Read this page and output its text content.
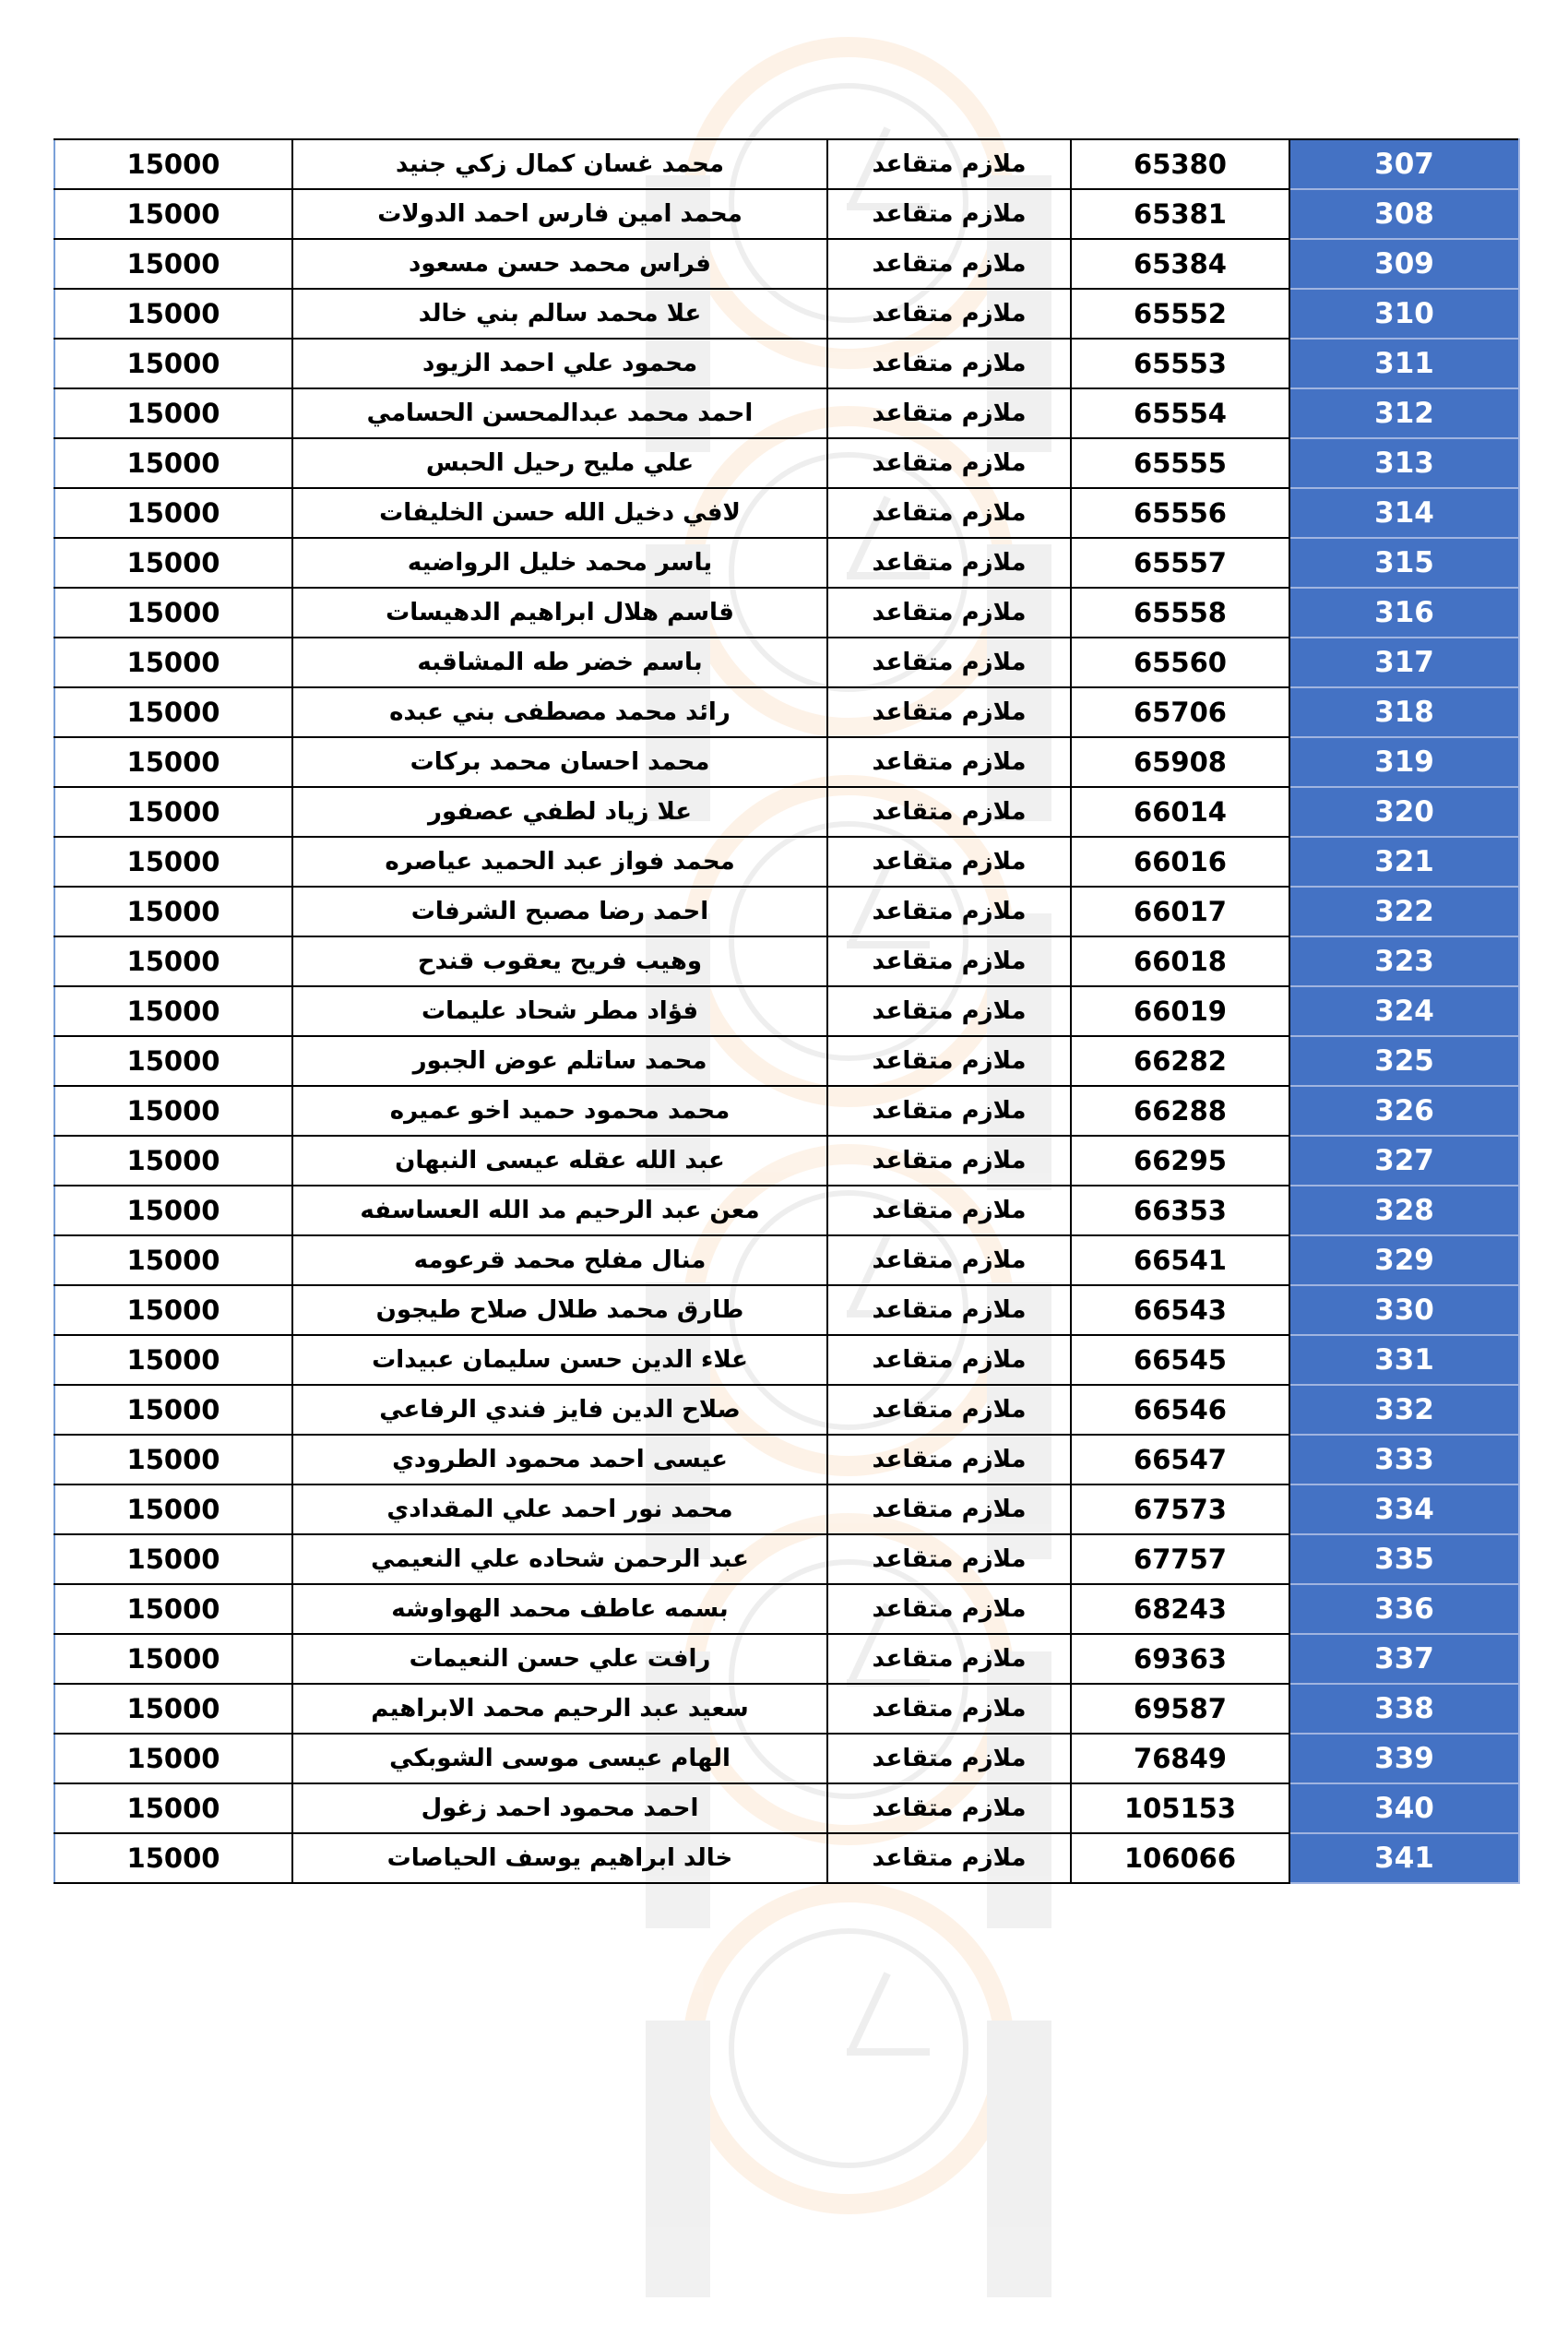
15000	محمد غسان كمال زكي جنيد	ملازم متقاعد	65380	307
15000	محمد امين فارس احمد الدولات	ملازم متقاعد	65381	308
15000	فراس محمد حسن مسعود	ملازم متقاعد	65384	309
15000	علا محمد سالم بني خالد	ملازم متقاعد	65552	310
15000	محمود علي احمد الزيود	ملازم متقاعد	65553	311
15000	احمد محمد عبدالمحسن الحسامي	ملازم متقاعد	65554	312
15000	علي مليح رحيل الحبس	ملازم متقاعد	65555	313
15000	لافي دخيل الله حسن الخليفات	ملازم متقاعد	65556	314
15000	ياسر محمد خليل الرواضيه	ملازم متقاعد	65557	315
15000	قاسم هلال ابراهيم الدهيسات	ملازم متقاعد	65558	316
15000	باسم خضر طه المشاقبه	ملازم متقاعد	65560	317
15000	رائد محمد مصطفى بني عبده	ملازم متقاعد	65706	318
15000	محمد احسان محمد بركات	ملازم متقاعد	65908	319
15000	علا زياد لطفي عصفور	ملازم متقاعد	66014	320
15000	محمد فواز عبد الحميد عياصره	ملازم متقاعد	66016	321
15000	احمد رضا مصبح الشرفات	ملازم متقاعد	66017	322
15000	وهيب فريح يعقوب قندح	ملازم متقاعد	66018	323
15000	فؤاد مطر شحاد عليمات	ملازم متقاعد	66019	324
15000	محمد ساتلم عوض الجبور	ملازم متقاعد	66282	325
15000	محمد محمود حميد اخو عميره	ملازم متقاعد	66288	326
15000	عبد الله عقله عيسى النبهان	ملازم متقاعد	66295	327
15000	معن عبد الرحيم مد الله العساسفه	ملازم متقاعد	66353	328
15000	منال مفلح محمد قرعومه	ملازم متقاعد	66541	329
15000	طارق محمد طلال صلاح طيجون	ملازم متقاعد	66543	330
15000	علاء الدين حسن سليمان عبيدات	ملازم متقاعد	66545	331
15000	صلاح الدين فايز فندي الرفاعي	ملازم متقاعد	66546	332
15000	عيسى احمد محمود الطرودي	ملازم متقاعد	66547	333
15000	محمد نور احمد علي المقدادي	ملازم متقاعد	67573	334
15000	عبد الرحمن شحاده علي النعيمي	ملازم متقاعد	67757	335
15000	بسمه عاطف محمد الهواوشه	ملازم متقاعد	68243	336
15000	رافت علي حسن النعيمات	ملازم متقاعد	69363	337
15000	سعيد عبد الرحيم محمد الابراهيم	ملازم متقاعد	69587	338
15000	الهام عيسى موسى الشوبكي	ملازم متقاعد	76849	339
15000	احمد محمود احمد زغول	ملازم متقاعد	105153	340
15000	خالد ابراهيم يوسف الحياصات	ملازم متقاعد	106066	341
